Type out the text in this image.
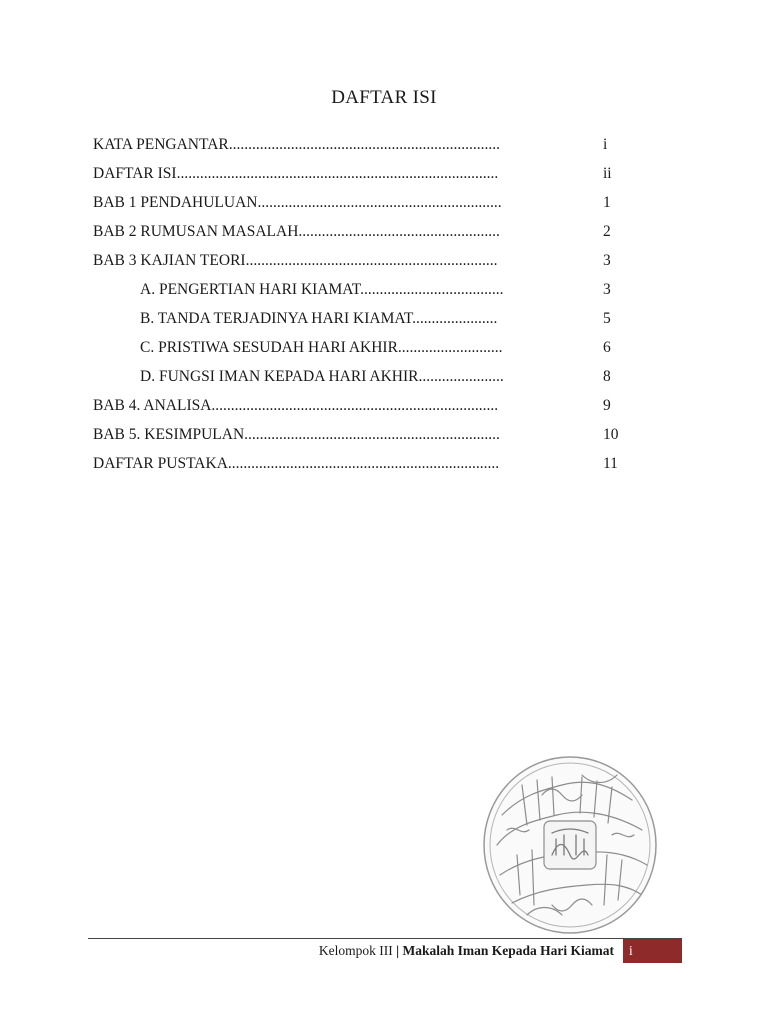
DAFTAR ISI
KATA PENGANTAR......................................................................	i
DAFTAR ISI...................................................................................	ii
BAB 1 PENDAHULUAN...............................................................	1
BAB 2 RUMUSAN MASALAH....................................................	2
BAB 3 KAJIAN TEORI.................................................................	3
A. PENGERTIAN HARI KIAMAT.....................................	3
B. TANDA TERJADINYA HARI KIAMAT......................	5
C. PRISTIWA SESUDAH HARI AKHIR...........................	6
D. FUNGSI IMAN KEPADA HARI AKHIR......................	8
BAB 4. ANALISA..........................................................................	9
BAB 5. KESIMPULAN..................................................................	10
DAFTAR PUSTAKA......................................................................	11
Kelompok III | Makalah Iman Kepada Hari Kiamat i
